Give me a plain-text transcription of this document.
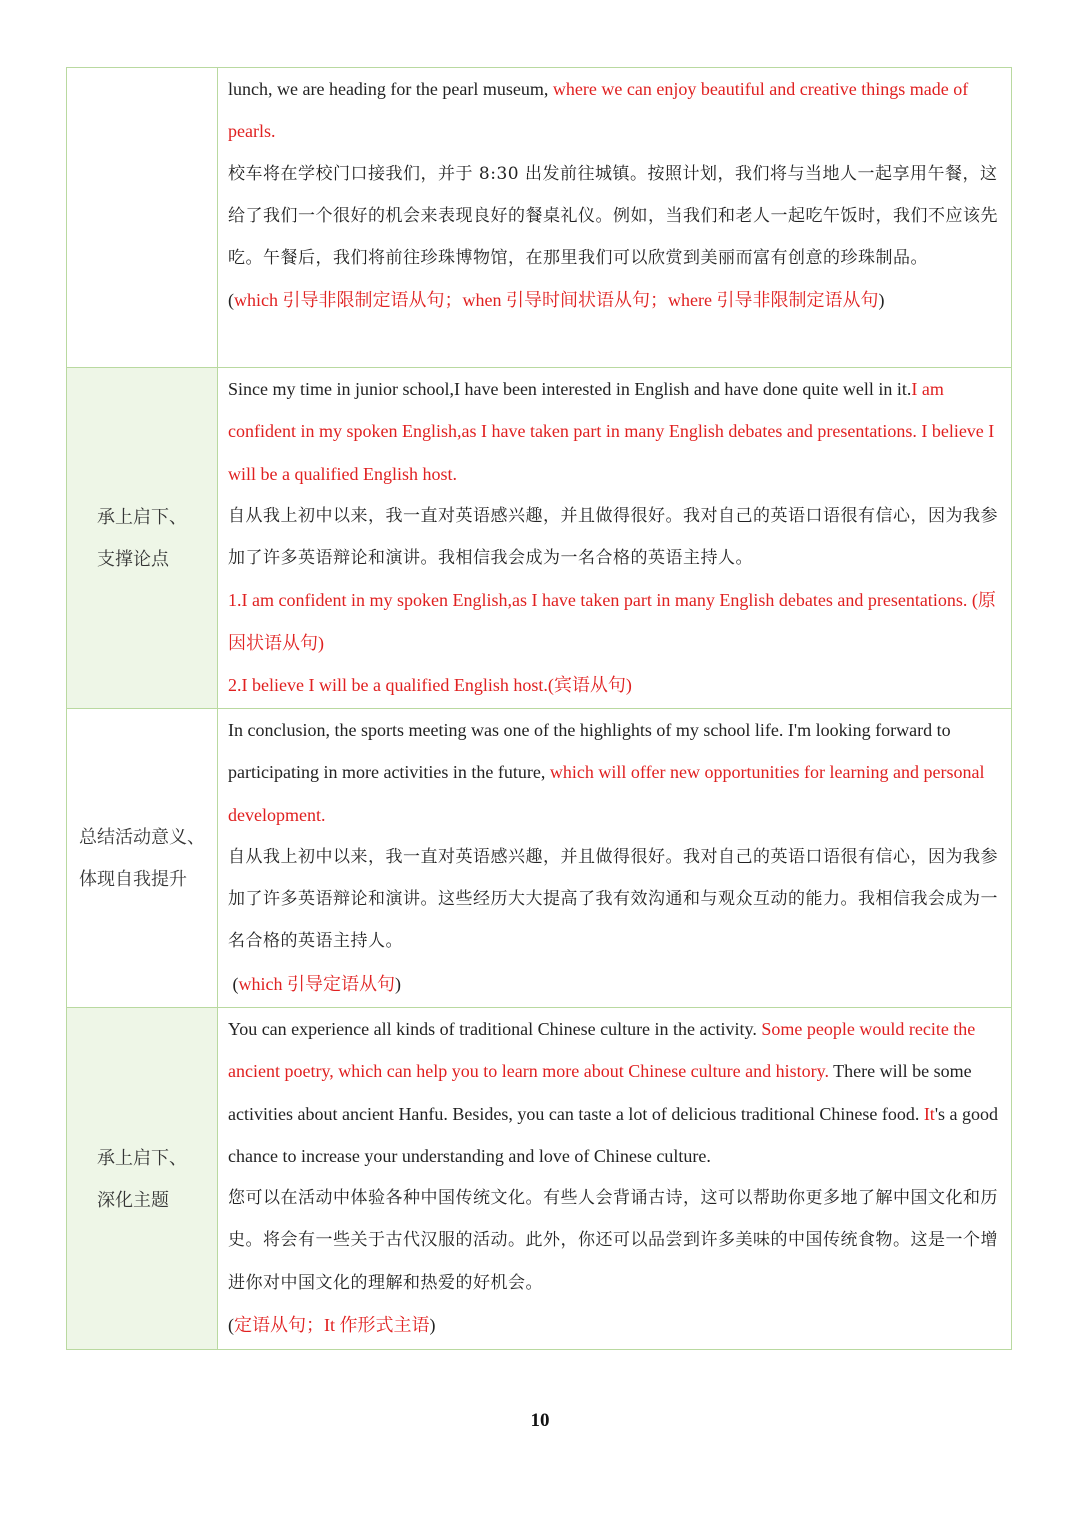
lunch, we are heading for the pearl museum, where we can enjoy beautiful and creative things made of pearls.
校车将在学校门口接我们，并于 8:30 出发前往城镇。按照计划，我们将与当地人一起享用午餐，这给了我们一个很好的机会来表现良好的餐桌礼仪。例如，当我们和老人一起吃午饭时，我们不应该先吃。午餐后，我们将前往珍珠博物馆，在那里我们可以欣赏到美丽而富有创意的珍珠制品。
(which 引导非限制定语从句；when 引导时间状语从句；where 引导非限制定语从句)
承上启下、
支撑论点
Since my time in junior school,I have been interested in English and have done quite well in it.I am confident in my spoken English,as I have taken part in many English debates and presentations. I believe I will be a qualified English host.
自从我上初中以来，我一直对英语感兴趣，并且做得很好。我对自己的英语口语很有信心，因为我参加了许多英语辩论和演讲。我相信我会成为一名合格的英语主持人。
1.I am confident in my spoken English,as I have taken part in many English debates and presentations. (原因状语从句)
2.I believe I will be a qualified English host.(宾语从句)
总结活动意义、
体现自我提升
In conclusion, the sports meeting was one of the highlights of my school life. I'm looking forward to participating in more activities in the future, which will offer new opportunities for learning and personal development.
自从我上初中以来，我一直对英语感兴趣，并且做得很好。我对自己的英语口语很有信心，因为我参加了许多英语辩论和演讲。这些经历大大提高了我有效沟通和与观众互动的能力。我相信我会成为一名合格的英语主持人。
(which 引导定语从句)
承上启下、
深化主题
You can experience all kinds of traditional Chinese culture in the activity. Some people would recite the ancient poetry, which can help you to learn more about Chinese culture and history. There will be some activities about ancient Hanfu. Besides, you can taste a lot of delicious traditional Chinese food. It's a good chance to increase your understanding and love of Chinese culture.
您可以在活动中体验各种中国传统文化。有些人会背诵古诗，这可以帮助你更多地了解中国文化和历史。将会有一些关于古代汉服的活动。此外，你还可以品尝到许多美味的中国传统食物。这是一个增进你对中国文化的理解和热爱的好机会。
(定语从句；It 作形式主语)
10
